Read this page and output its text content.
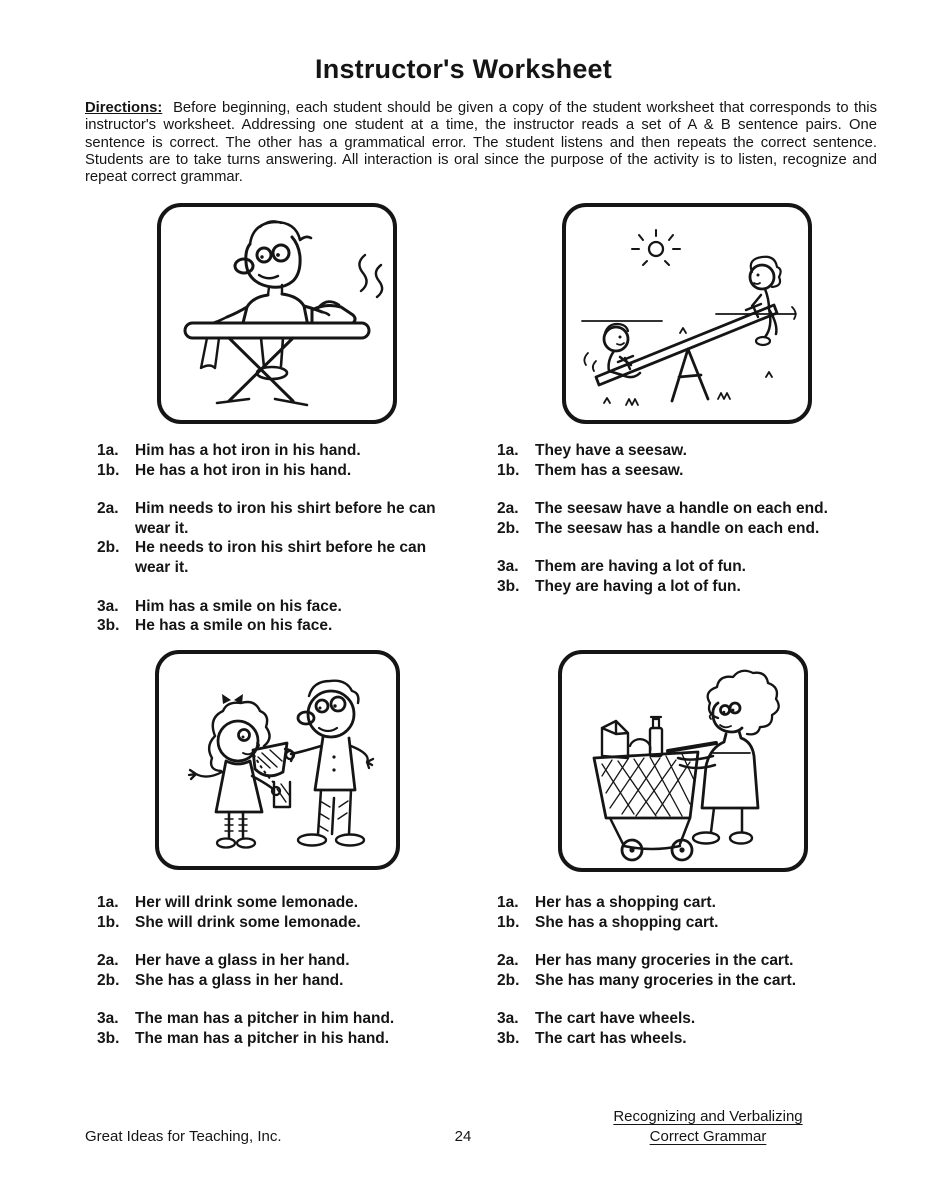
Instructor's Worksheet

Directions: Before beginning, each student should be given a copy of the student worksheet that corresponds to this instructor's worksheet. Addressing one student at a time, the instructor reads a set of A & B sentence pairs. One sentence is correct. The other has a grammatical error. The student listens and then repeats the correct sentence. Students are to take turns answering. All interaction is oral since the purpose of the activity is to listen, recognize and repeat correct grammar.

1a.	Him has a hot iron in his hand.
1b.	He has a hot iron in his hand.
2a.	Him needs to iron his shirt before he can wear it.
2b.	He needs to iron his shirt before he can wear it.
3a.	Him has a smile on his face.
3b.	He has a smile on his face.
1a.	They have a seesaw.
1b.	Them has a seesaw.
2a.	The seesaw have a handle on each end.
2b.	The seesaw has a handle on each end.
3a.	Them are having a lot of fun.
3b.	They are having a lot of fun.
1a.	Her will drink some lemonade.
1b.	She will drink some lemonade.
2a.	Her have a glass in her hand.
2b.	She has a glass in her hand.
3a.	The man has a pitcher in him hand.
3b.	The man has a pitcher in his hand.
1a.	Her has a shopping cart.
1b.	She has a shopping cart.
2a.	Her has many groceries in the cart.
2b.	She has many groceries in the cart.
3a.	The cart have wheels.
3b.	The cart has wheels.
Great Ideas for Teaching, Inc.	24
Recognizing and Verbalizing
Correct Grammar
